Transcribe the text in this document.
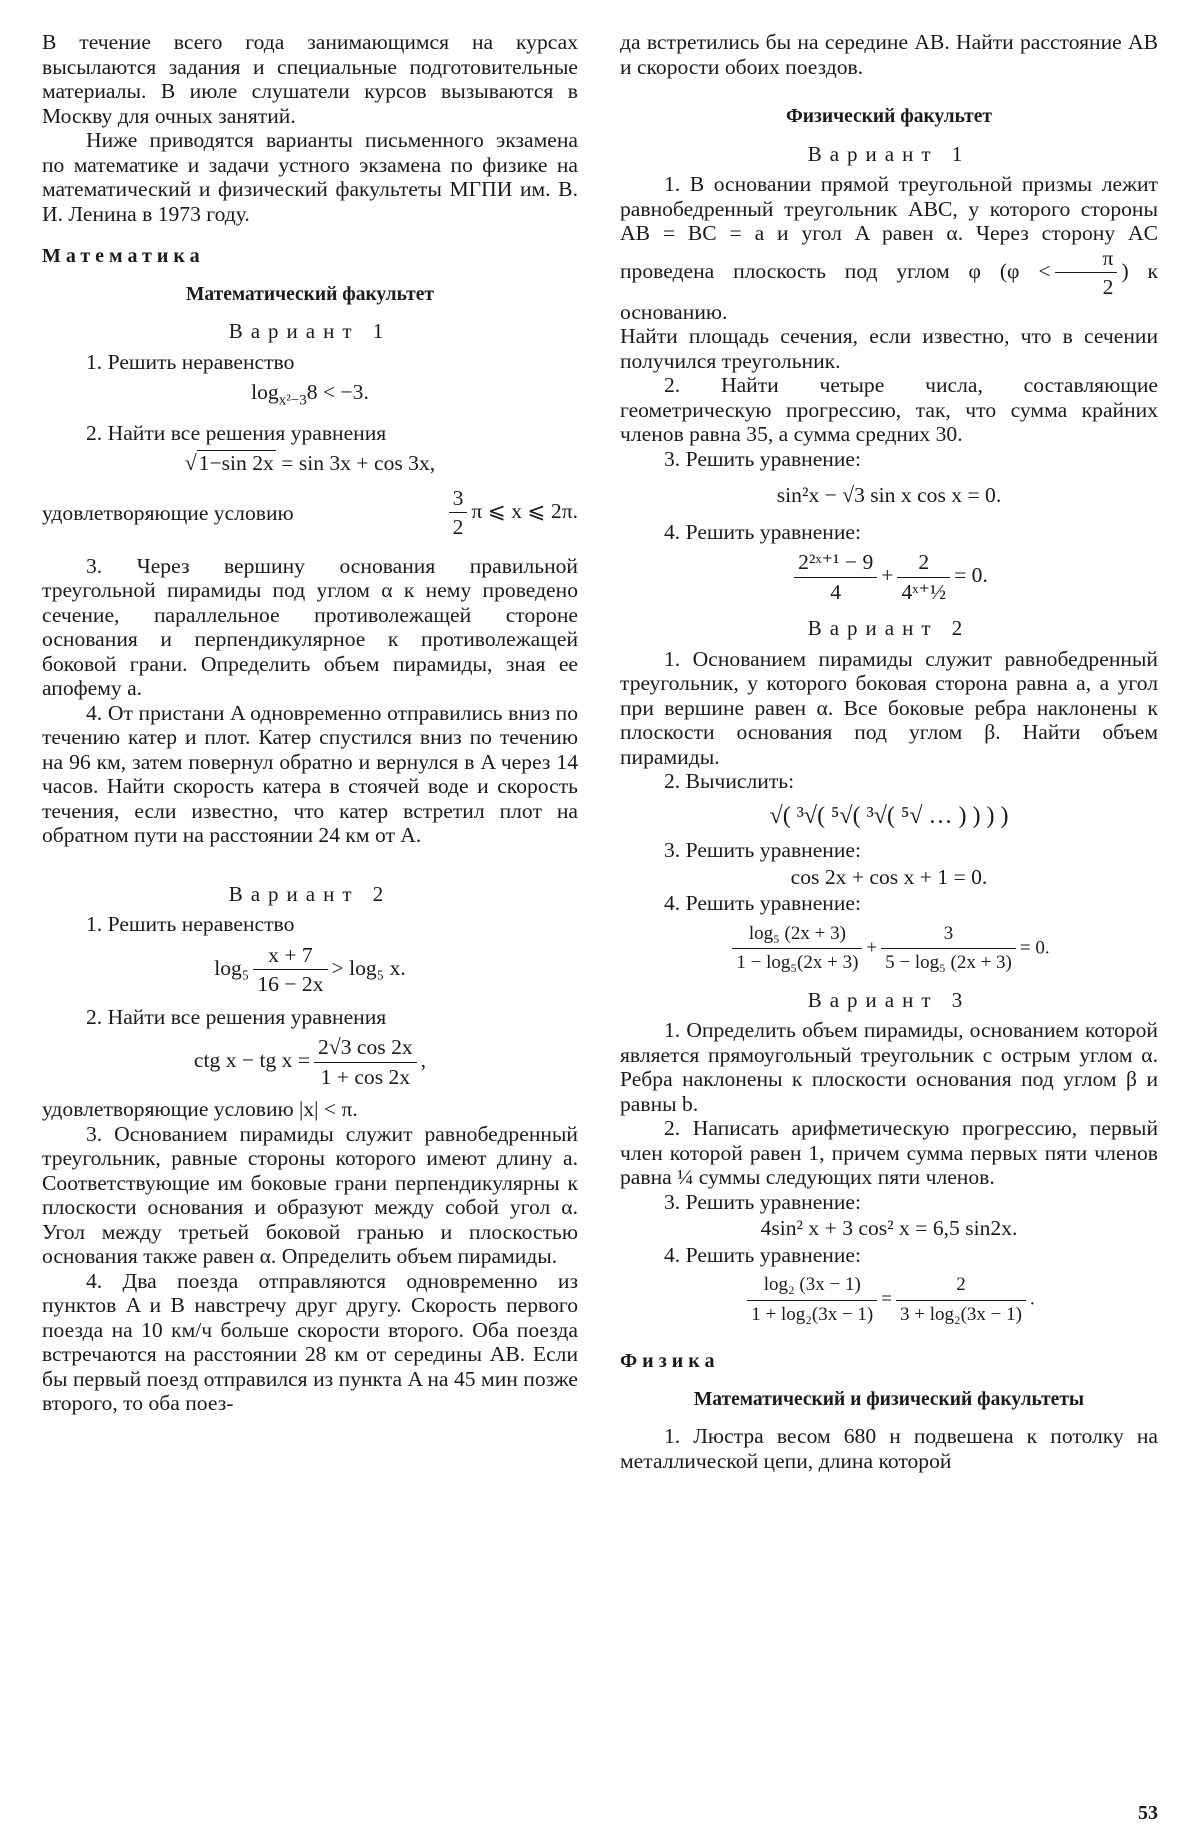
В течение всего года занимающимся на курсах высылаются задания и специальные подготовительные материалы. В июле слушатели курсов вызываются в Москву для очных занятий.

Ниже приводятся варианты письменного экзамена по математике и задачи устного экзамена по физике на математический и физический факультеты МГПИ им. В. И. Ленина в 1973 году.

Математика
Математический факультет
Вариант 1
1. Решить неравенство
$\log_{x^2-3}8 < -3$.
2. Найти все решения уравнения
√1−sin 2x = sin 3x + cos 3x,
удовлетворяющие условию	$\frac{3}{2}$ π ⩽ x ⩽ 2π.

3. Через вершину основания правильной треугольной пирамиды под углом α к нему проведено сечение, параллельное противолежащей стороне основания и перпендикулярное к противолежащей боковой грани. Определить объем пирамиды, зная ее апофему a.

4. От пристани A одновременно отправились вниз по течению катер и плот. Катер спустился вниз по течению на 96 км, затем повернул обратно и вернулся в A через 14 часов. Найти скорость катера в стоячей воде и скорость течения, если известно, что катер встретил плот на обратном пути на расстоянии 24 км от A.

Вариант 2
1. Решить неравенство
$\log_5 \frac{x + 7}{16 - 2x} > \log_5$ x.
2. Найти все решения уравнения
ctg x − tg $x = \frac{2√3 \cos 2x}{1 + \cos 2x}$ ,

удовлетворяющие условию |x| < π.

3. Основанием пирамиды служит равнобедренный треугольник, равные стороны которого имеют длину a. Соответствующие им боковые грани перпендикулярны к плоскости основания и образуют между собой угол α. Угол между третьей боковой гранью и плоскостью основания также равен α. Определить объем пирамиды.

4. Два поезда отправляются одновременно из пунктов A и B навстречу друг другу. Скорость первого поезда на 10 км/ч больше скорости второго. Оба поезда встречаются на расстоянии 28 км от середины AB. Если бы первый поезд отправился из пункта A на 45 мин позже второго, то оба поез-

да встретились бы на середине AB. Найти расстояние AB и скорости обоих поездов.

Физический факультет
Вариант 1

1. В основании прямой треугольной призмы лежит равнобедренный треугольник ABC, у которого стороны AB = BC = a и угол A равен α. Через сторону AC проведена плоскость под углом φ ($\varphi < \frac{\pi}{2}$ ) к основанию.

Найти площадь сечения, если известно, что в сечении получился треугольник.

2. Найти четыре числа, составляющие геометрическую прогрессию, так, что сумма крайних членов равна 35, а сумма средних 30.

3. Решить уравнение:
sin²x − √3 sin x cos x = 0.
4. Решить уравнение:
$\frac{\text{2²ˣ⁺¹ − 9}}{4} + \frac{2}{\text{4ˣ⁺½}} = 0$.
Вариант 2

1. Основанием пирамиды служит равнобедренный треугольник, у которого боковая сторона равна a, а угол при вершине равен α. Все боковые ребра наклонены к плоскости основания под углом β. Найти объем пирамиды.

2. Вычислить:
√( ³√( ⁵√( ³√( ⁵√ … ) ) ) )
3. Решить уравнение:
cos 2x + cos x + 1 = 0.
4. Решить уравнение:
$\frac{\text{log₅ (2x + 3)}}{\text{1 − log₅(2x + 3)}} + \frac{3}{\text{5 − log₅ (2x + 3)}} = 0$.
Вариант 3

1. Определить объем пирамиды, основанием которой является прямоугольный треугольник с острым углом α. Ребра наклонены к плоскости основания под углом β и равны b.

2. Написать арифметическую прогрессию, первый член которой равен 1, причем сумма первых пяти членов равна ¼ суммы следующих пяти членов.

3. Решить уравнение:
4sin² x + 3 cos² x = 6,5 sin2x.
4. Решить уравнение:
$\frac{\text{log₂ (3x − 1)}}{\text{1 + log₂(3x − 1)}} = \frac{2}{\text{3 + log₂(3x − 1)}}$ .
Физика
Математический и физический факультеты

1. Люстра весом 680 н подвешена к потолку на металлической цепи, длина которой

53
